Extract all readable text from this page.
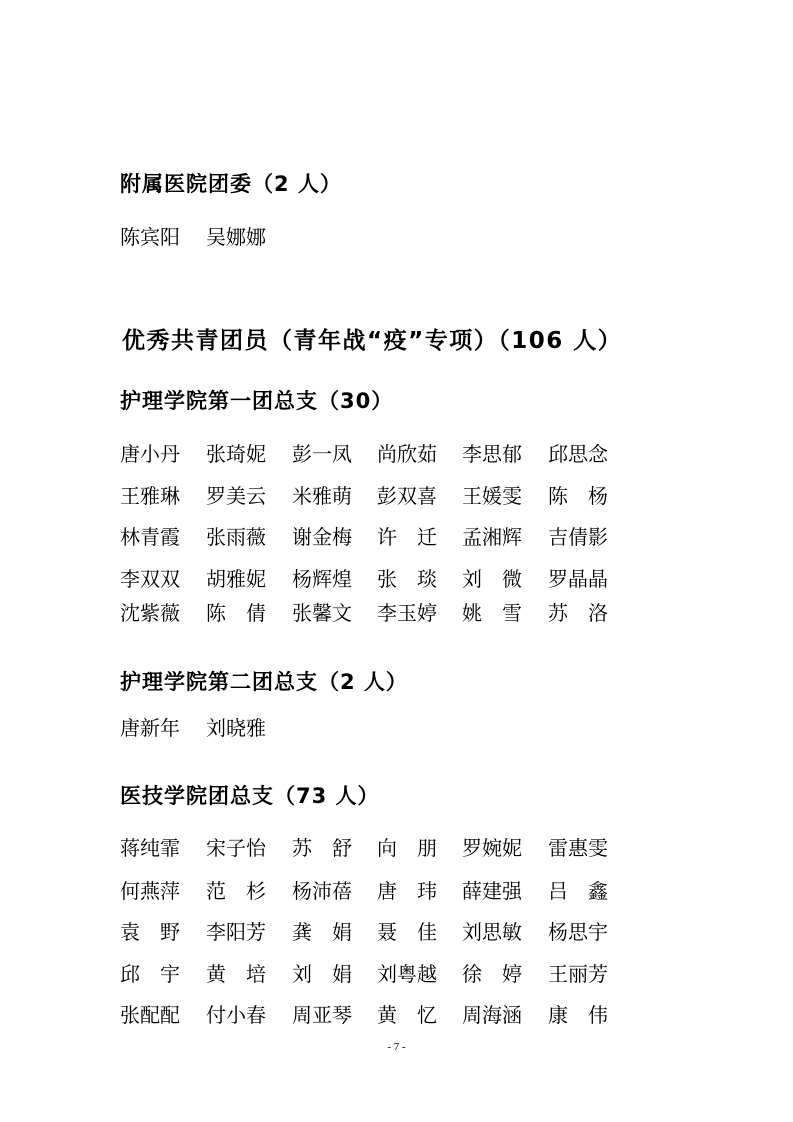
附属医院团委（2 人）
陈宾阳	吴娜娜
优秀共青团员（青年战“疫”专项）（106 人）
护理学院第一团总支（30）
唐小丹	张琦妮	彭一凤	尚欣茹	李思郁	邱思念
王雅琳	罗美云	米雅萌	彭双喜	王媛雯	陈　杨
林青霞	张雨薇	谢金梅	许　迁	孟湘辉	吉倩影
李双双	胡雅妮	杨辉煌	张　琰	刘　微	罗晶晶
沈紫薇	陈　倩	张馨文	李玉婷	姚　雪	苏　洛
护理学院第二团总支（2 人）
唐新年	刘晓雅
医技学院团总支（73 人）
蒋纯霏	宋子怡	苏　舒	向　朋	罗婉妮	雷惠雯
何燕萍	范　杉	杨沛蓓	唐　玮	薛建强	吕　鑫
袁　野	李阳芳	龚　娟	聂　佳	刘思敏	杨思宇
邱　宇	黄　培	刘　娟	刘粤越	徐　婷	王丽芳
张配配	付小春	周亚琴	黄　忆	周海涵	康　伟
- 7 -
